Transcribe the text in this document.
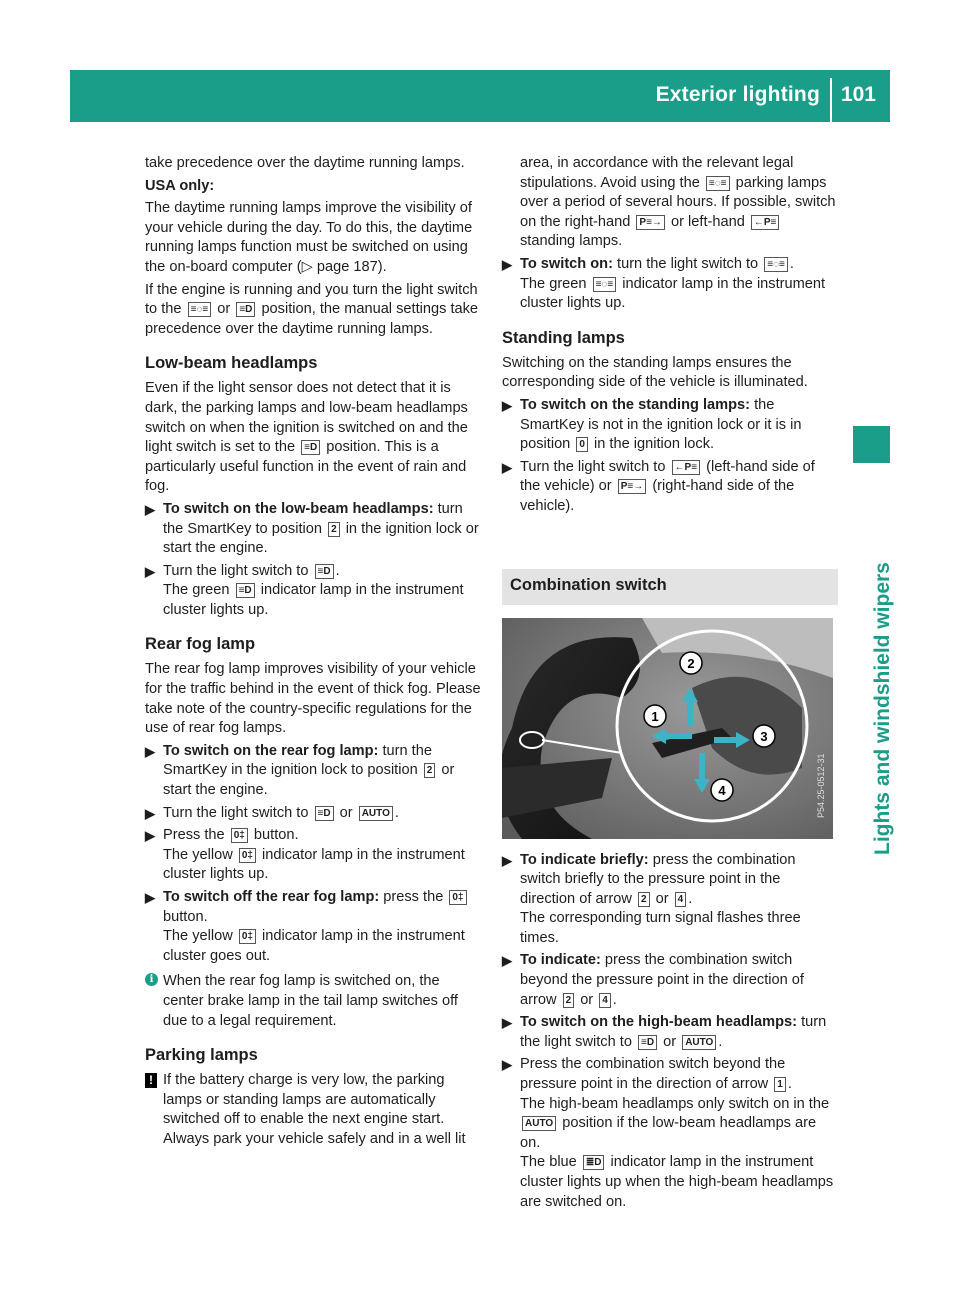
Exterior lighting 101
Lights and windshield wipers

take precedence over the daytime running lamps.

USA only:

The daytime running lamps improve the visibility of your vehicle during the day. To do this, the daytime running lamps function must be switched on using the on-board computer (▷ page 187).

If the engine is running and you turn the light switch to the ≡◌≡ or ≡D position, the manual settings take precedence over the daytime running lamps.

Low-beam headlamps

Even if the light sensor does not detect that it is dark, the parking lamps and low-beam headlamps switch on when the ignition is switched on and the light switch is set to the ≡D position. This is a particularly useful function in the event of rain and fog.

▶ To switch on the low-beam headlamps: turn the SmartKey to position 2 in the ignition lock or start the engine.
▶ Turn the light switch to ≡D .
The green ≡D indicator lamp in the instrument cluster lights up.
Rear fog lamp

The rear fog lamp improves visibility of your vehicle for the traffic behind in the event of thick fog. Please take note of the country-specific regulations for the use of rear fog lamps.

▶ To switch on the rear fog lamp: turn the SmartKey in the ignition lock to position 2 or start the engine.
▶ Turn the light switch to ≡D or AUTO .
▶ Press the 0‡ button.
The yellow 0‡ indicator lamp in the instrument cluster lights up.
▶ To switch off the rear fog lamp: press the 0‡ button.
The yellow 0‡ indicator lamp in the instrument cluster goes out.
i When the rear fog lamp is switched on, the center brake lamp in the tail lamp switches off due to a legal requirement.
Parking lamps
! If the battery charge is very low, the parking lamps or standing lamps are automatically switched off to enable the next engine start. Always park your vehicle safely and in a well lit

area, in accordance with the relevant legal stipulations. Avoid using the ≡◌≡ parking lamps over a period of several hours. If possible, switch on the right-hand P≡→ or left-hand ←P≡ standing lamps.

▶ To switch on: turn the light switch to ≡◌≡ .
The green ≡◌≡ indicator lamp in the instrument cluster lights up.
Standing lamps

Switching on the standing lamps ensures the corresponding side of the vehicle is illuminated.

▶ To switch on the standing lamps: the SmartKey is not in the ignition lock or it is in position 0 in the ignition lock.
▶ Turn the light switch to ←P≡ (left-hand side of the vehicle) or P≡→ (right-hand side of the vehicle).
Combination switch
1
2
3
4	P54.25-0512-31
▶ To indicate briefly: press the combination switch briefly to the pressure point in the direction of arrow 2 or 4 .
The corresponding turn signal flashes three times.
▶ To indicate: press the combination switch beyond the pressure point in the direction of arrow 2 or 4 .
▶ To switch on the high-beam headlamps: turn the light switch to ≡D or AUTO .
▶ Press the combination switch beyond the pressure point in the direction of arrow 1 .
The high-beam headlamps only switch on in the AUTO position if the low-beam headlamps are on.
The blue ≣D indicator lamp in the instrument cluster lights up when the high-beam headlamps are switched on.
